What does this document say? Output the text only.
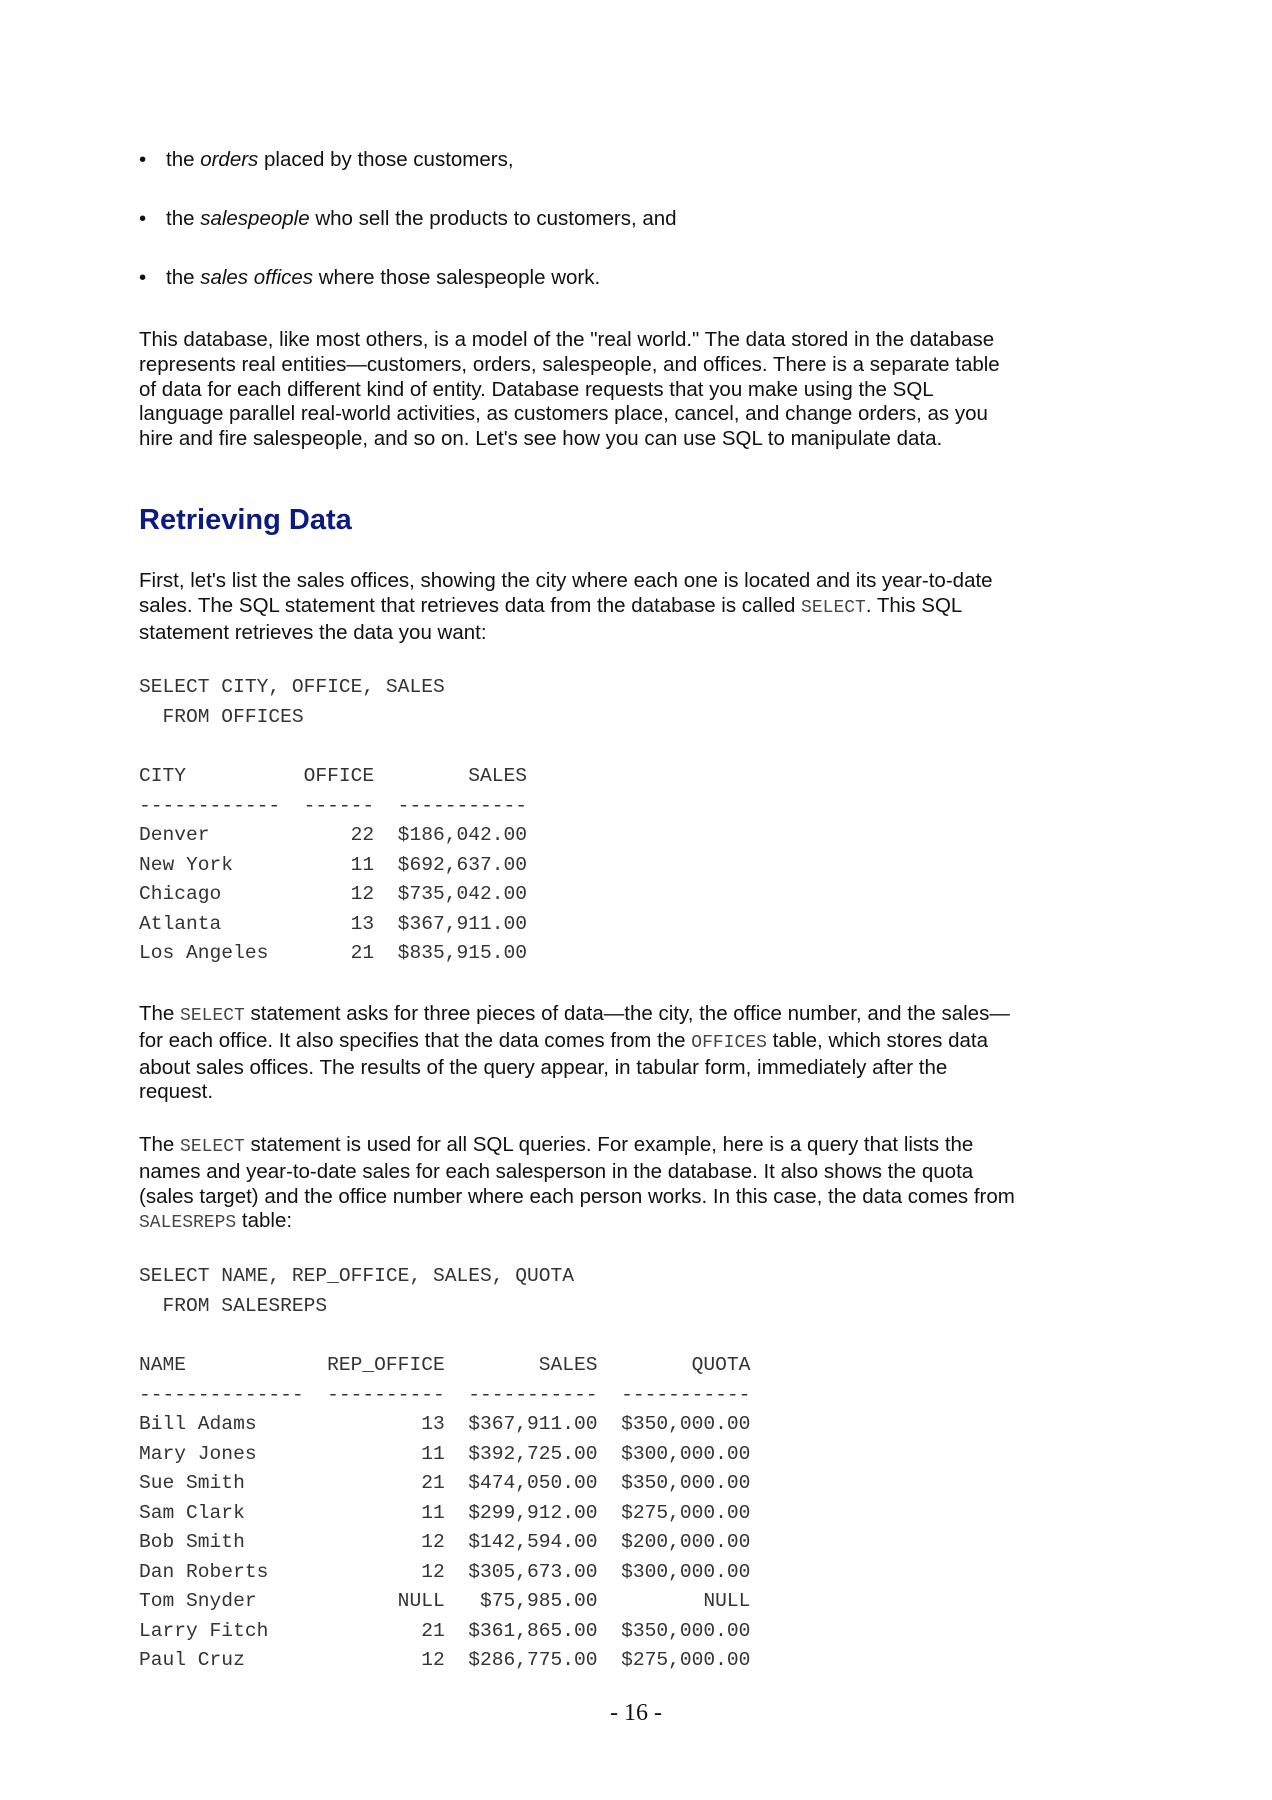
• the orders placed by those customers,
• the salespeople who sell the products to customers, and
• the sales offices where those salespeople work.

This database, like most others, is a model of the "real world." The data stored in the database represents real entities—customers, orders, salespeople, and offices. There is a separate table of data for each different kind of entity. Database requests that you make using the SQL language parallel real-world activities, as customers place, cancel, and change orders, as you hire and fire salespeople, and so on. Let's see how you can use SQL to manipulate data.

Retrieving Data

First, let's list the sales offices, showing the city where each one is located and its year-to-date sales. The SQL statement that retrieves data from the database is called SELECT. This SQL statement retrieves the data you want:

SELECT CITY, OFFICE, SALES
FROM OFFICES
CITY          OFFICE        SALES
------------  ------  -----------
Denver            22  $186,042.00
New York          11  $692,637.00
Chicago           12  $735,042.00
Atlanta           13  $367,911.00
Los Angeles       21  $835,915.00

The SELECT statement asks for three pieces of data—the city, the office number, and the sales—for each office. It also specifies that the data comes from the OFFICES table, which stores data about sales offices. The results of the query appear, in tabular form, immediately after the request.

The SELECT statement is used for all SQL queries. For example, here is a query that lists the names and year-to-date sales for each salesperson in the database. It also shows the quota (sales target) and the office number where each person works. In this case, the data comes from SALESREPS table:

SELECT NAME, REP_OFFICE, SALES, QUOTA
FROM SALESREPS
NAME            REP_OFFICE        SALES        QUOTA
--------------  ----------  -----------  -----------
Bill Adams              13  $367,911.00  $350,000.00
Mary Jones              11  $392,725.00  $300,000.00
Sue Smith               21  $474,050.00  $350,000.00
Sam Clark               11  $299,912.00  $275,000.00
Bob Smith               12  $142,594.00  $200,000.00
Dan Roberts             12  $305,673.00  $300,000.00
Tom Snyder            NULL   $75,985.00         NULL
Larry Fitch             21  $361,865.00  $350,000.00
Paul Cruz               12  $286,775.00  $275,000.00
- 16 -
